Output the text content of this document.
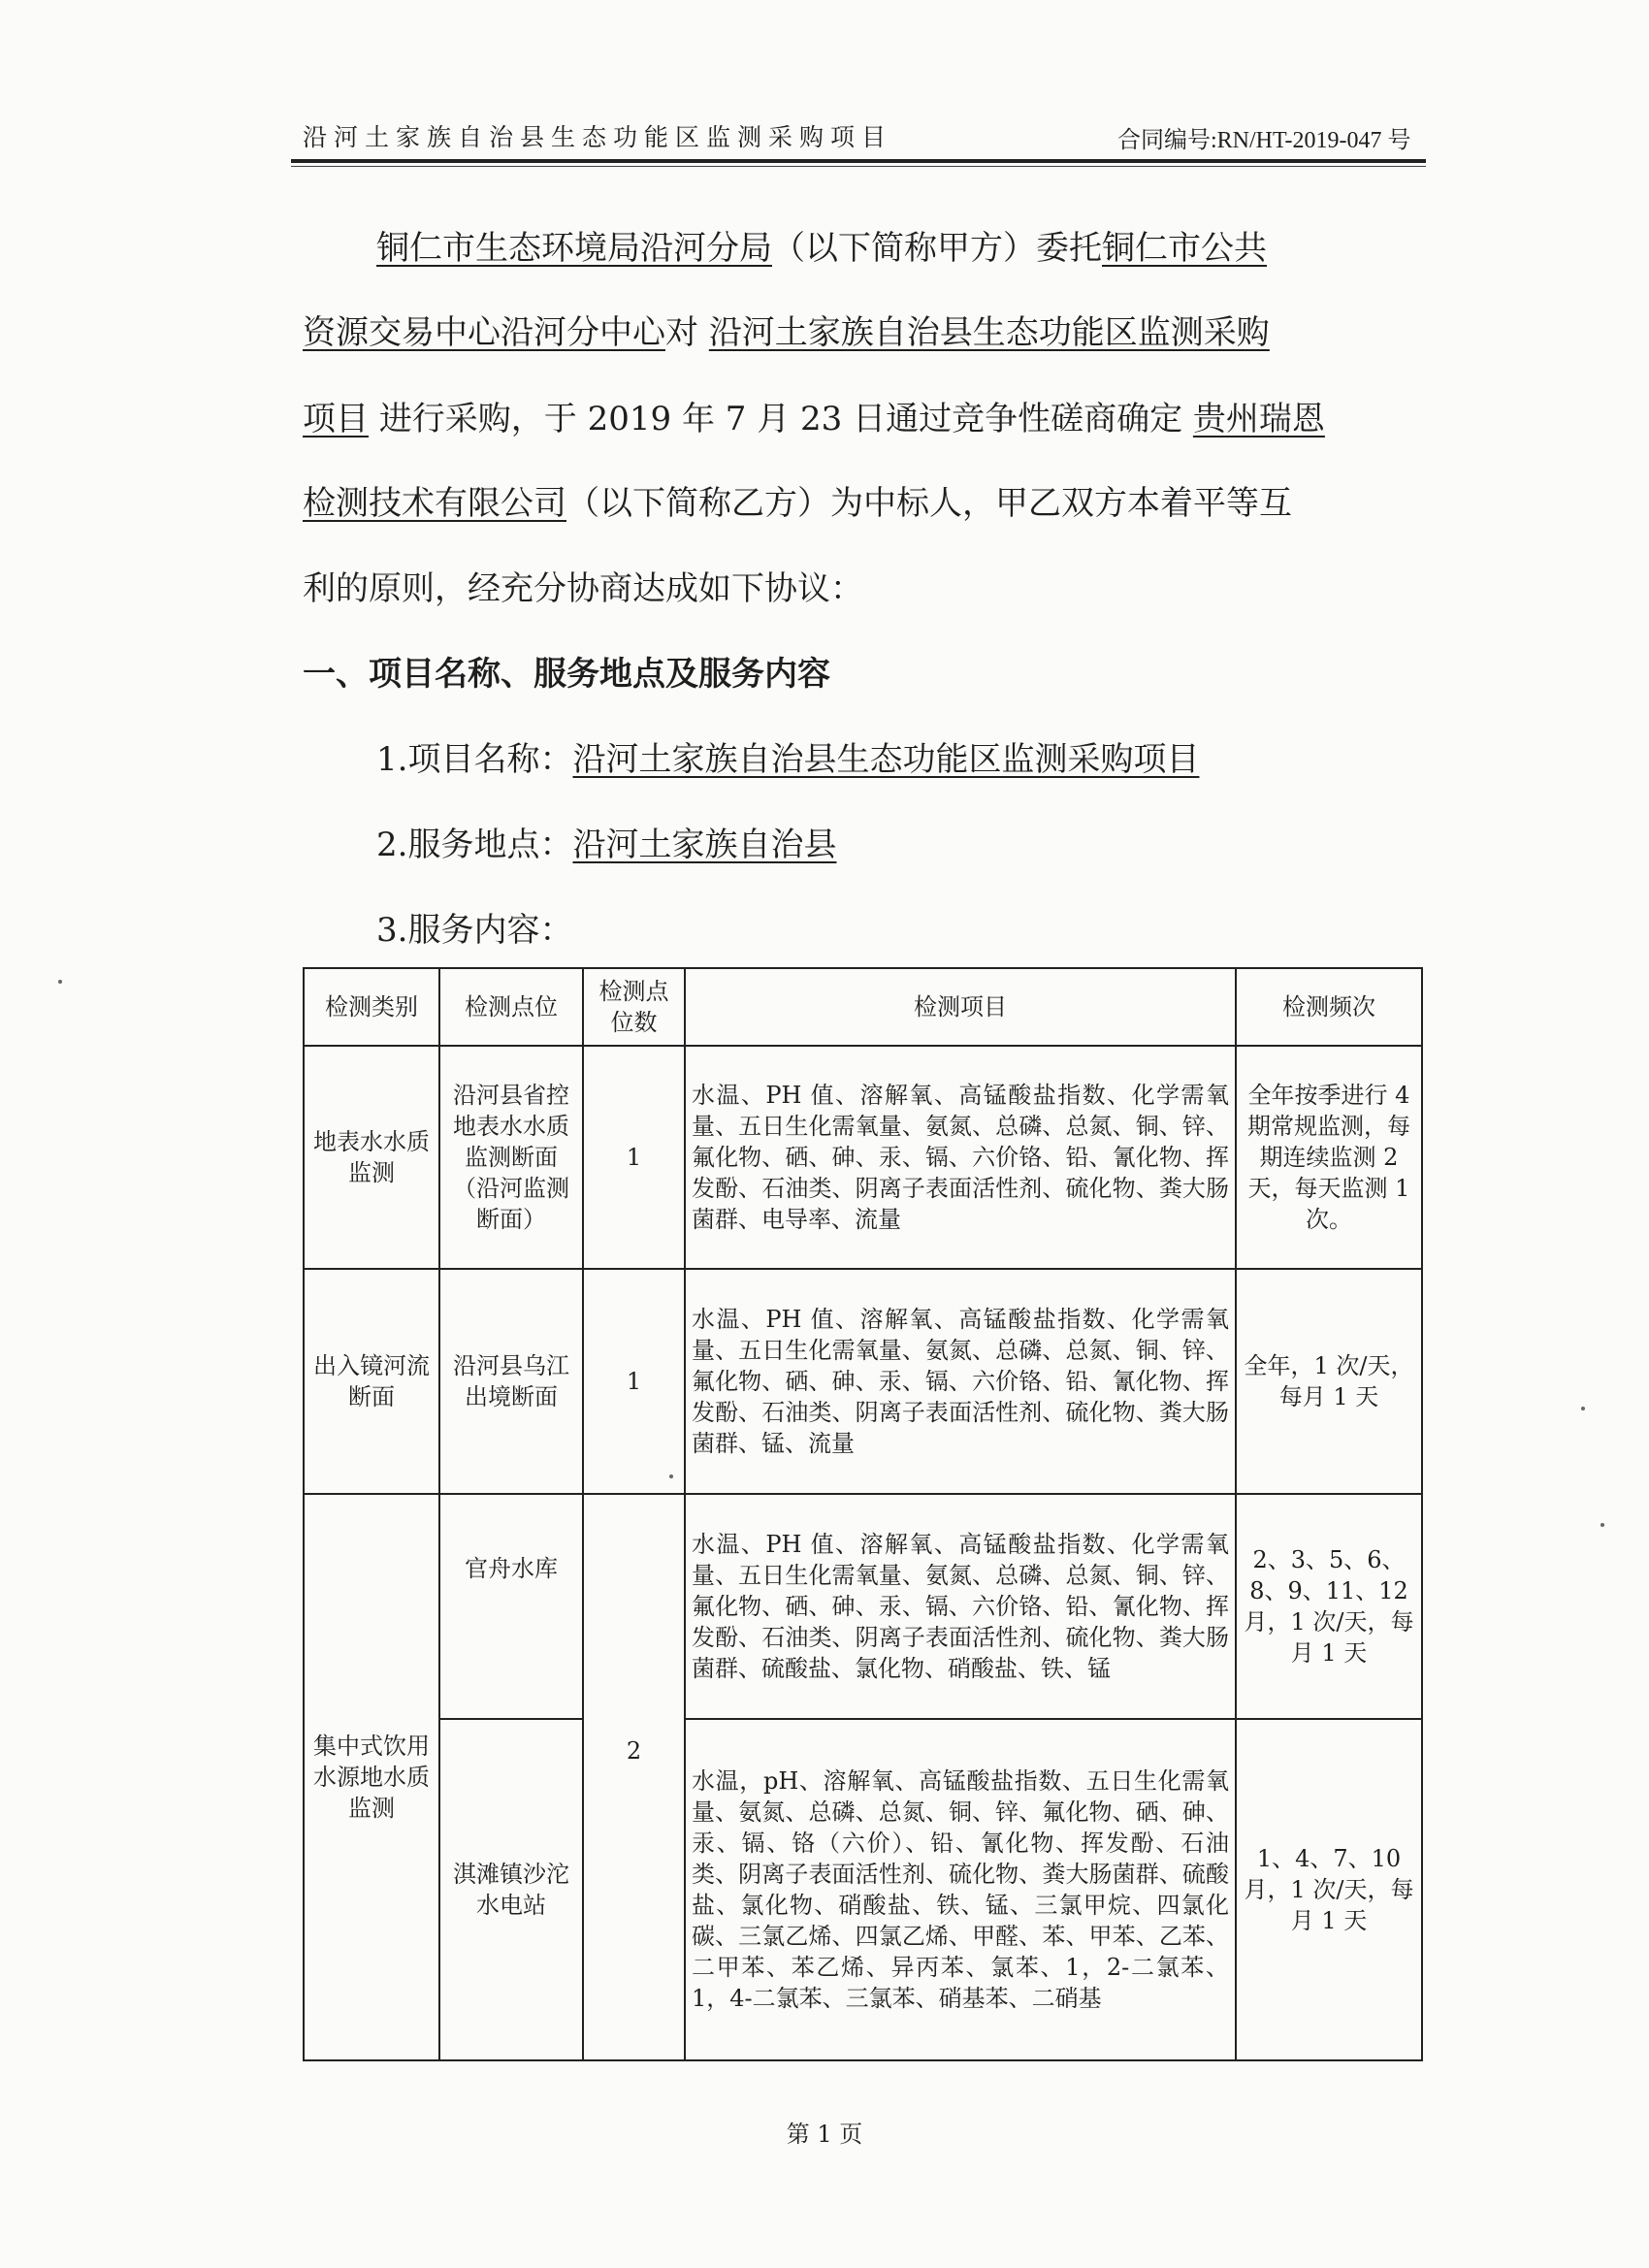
沿河土家族自治县生态功能区监测采购项目	合同编号:RN/HT-2019-047 号
铜仁市生态环境局沿河分局（以下简称甲方）委托铜仁市公共
资源交易中心沿河分中心对 沿河土家族自治县生态功能区监测采购
项目 进行采购，于 2019 年 7 月 23 日通过竞争性磋商确定 贵州瑞恩
检测技术有限公司（以下简称乙方）为中标人，甲乙双方本着平等互
利的原则，经充分协商达成如下协议：
一、项目名称、服务地点及服务内容
1.项目名称：沿河土家族自治县生态功能区监测采购项目
2.服务地点：沿河土家族自治县
3.服务内容：
检测类别	检测点位	检测点位数	检测项目	检测频次
地表水水质监测	沿河县省控地表水水质监测断面（沿河监测断面）	1	水温、PH 值、溶解氧、高锰酸盐指数、化学需氧量、五日生化需氧量、氨氮、总磷、总氮、铜、锌、氟化物、硒、砷、汞、镉、六价铬、铅、氰化物、挥发酚、石油类、阴离子表面活性剂、硫化物、粪大肠菌群、电导率、流量	全年按季进行 4 期常规监测，每期连续监测 2 天，每天监测 1 次。
出入镜河流断面	沿河县乌江出境断面	1	水温、PH 值、溶解氧、高锰酸盐指数、化学需氧量、五日生化需氧量、氨氮、总磷、总氮、铜、锌、氟化物、硒、砷、汞、镉、六价铬、铅、氰化物、挥发酚、石油类、阴离子表面活性剂、硫化物、粪大肠菌群、锰、流量	全年，1 次/天，每月 1 天
集中式饮用水源地水质监测	官舟水库	2	水温、PH 值、溶解氧、高锰酸盐指数、化学需氧量、五日生化需氧量、氨氮、总磷、总氮、铜、锌、氟化物、硒、砷、汞、镉、六价铬、铅、氰化物、挥发酚、石油类、阴离子表面活性剂、硫化物、粪大肠菌群、硫酸盐、氯化物、硝酸盐、铁、锰	2、3、5、6、8、9、11、12 月，1 次/天，每月 1 天
	淇滩镇沙沱水电站		水温，pH、溶解氧、高锰酸盐指数、五日生化需氧量、氨氮、总磷、总氮、铜、锌、氟化物、硒、砷、汞、镉、铬（六价）、铅、氰化物、挥发酚、石油类、阴离子表面活性剂、硫化物、粪大肠菌群、硫酸盐、氯化物、硝酸盐、铁、锰、三氯甲烷、四氯化碳、三氯乙烯、四氯乙烯、甲醛、苯、甲苯、乙苯、二甲苯、苯乙烯、异丙苯、氯苯、1，2-二氯苯、1，4-二氯苯、三氯苯、硝基苯、二硝基	1、4、7、10 月，1 次/天，每月 1 天
第 1 页
